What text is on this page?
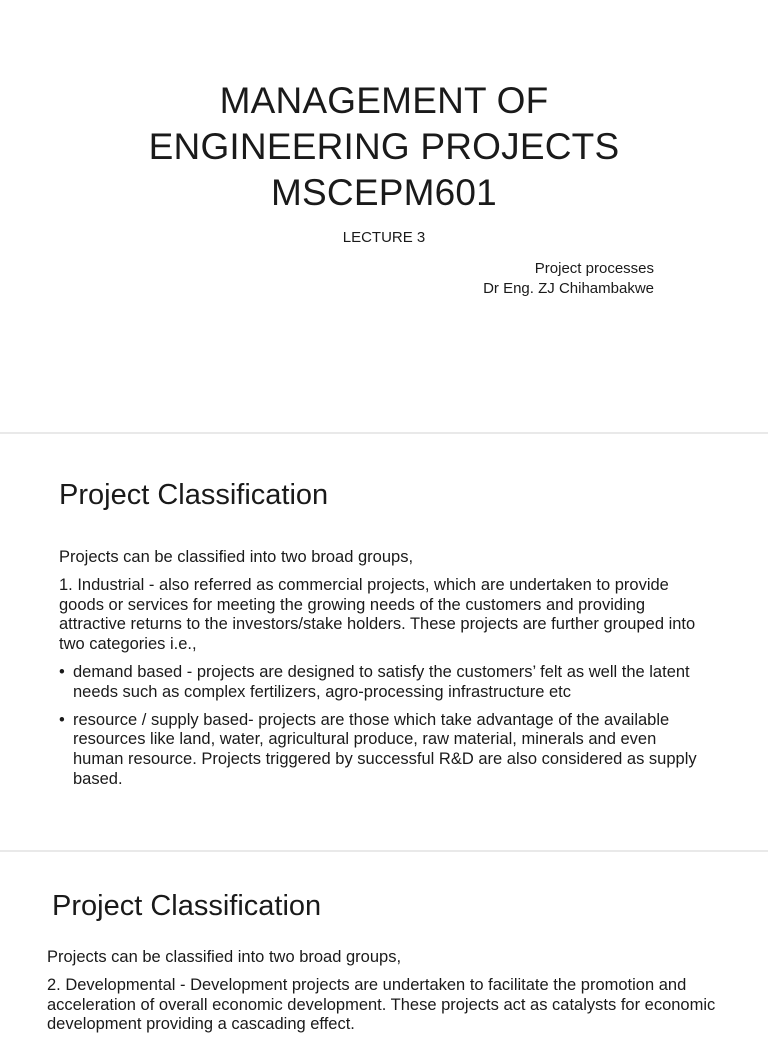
MANAGEMENT OF
ENGINEERING PROJECTS
MSCEPM601
LECTURE 3
Project processes
Dr Eng. ZJ Chihambakwe
Project Classification

Projects can be classified into two broad groups,

1. Industrial - also referred as commercial projects, which are undertaken to provide goods or services for meeting the growing needs of the customers and providing attractive returns to the investors/stake holders. These projects are further grouped into two categories i.e.,

• demand based - projects are designed to satisfy the customers’ felt as well the latent needs such as complex fertilizers, agro-processing infrastructure etc
• resource / supply based- projects are those which take advantage of the available resources like land, water, agricultural produce, raw material, minerals and even human resource. Projects triggered by successful R&D are also considered as supply based.
Project Classification

Projects can be classified into two broad groups,

2. Developmental - Development projects are undertaken to facilitate the promotion and acceleration of overall economic development. These projects act as catalysts for economic development providing a cascading effect.
